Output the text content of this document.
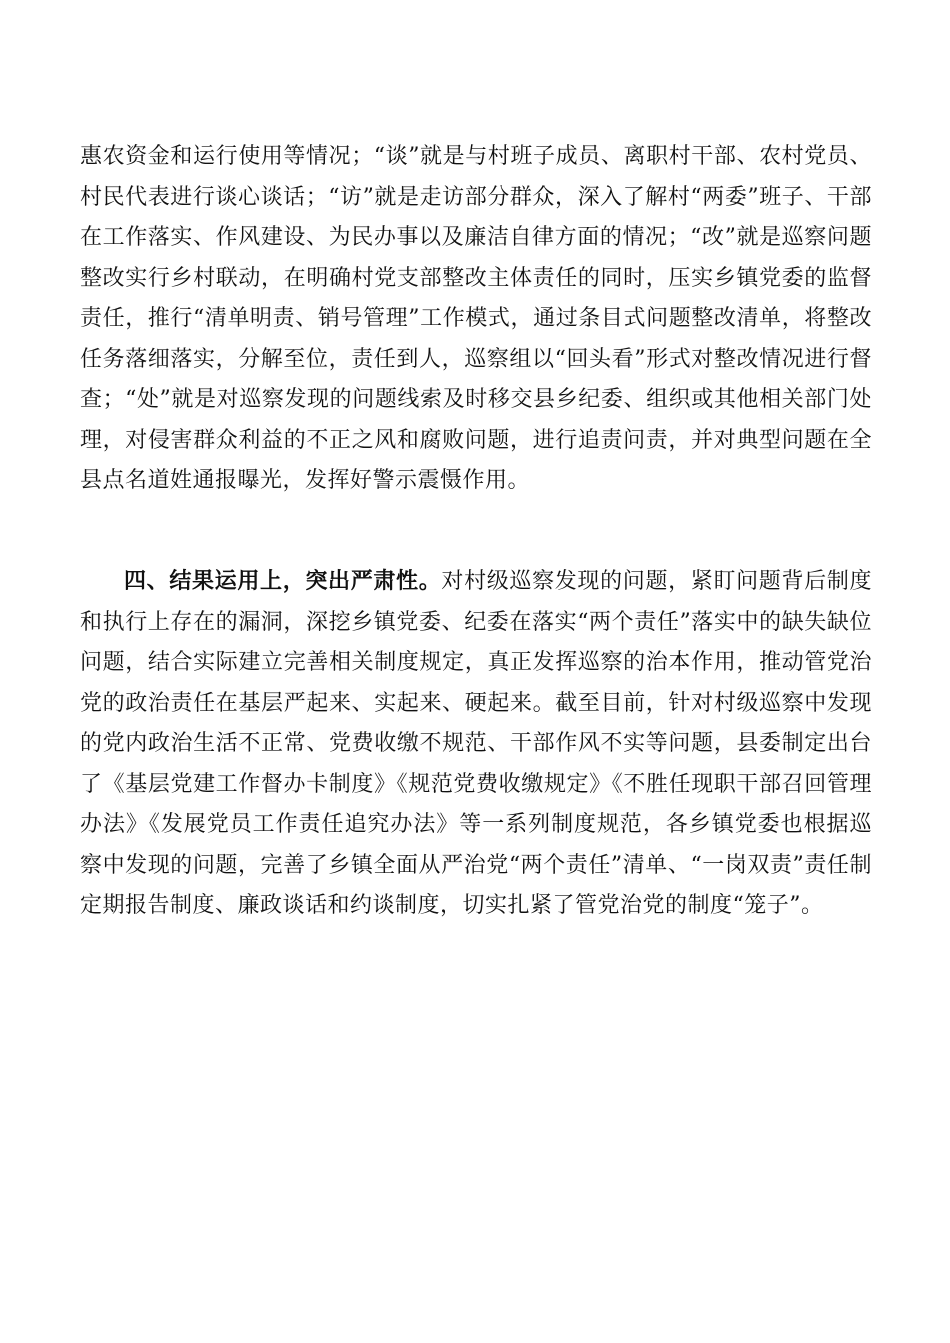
惠农资金和运行使用等情况；“谈”就是与村班子成员、离职村干部、农村党员、村民代表进行谈心谈话；“访”就是走访部分群众，深入了解村“两委”班子、干部在工作落实、作风建设、为民办事以及廉洁自律方面的情况；“改”就是巡察问题整改实行乡村联动，在明确村党支部整改主体责任的同时，压实乡镇党委的监督责任，推行“清单明责、销号管理”工作模式，通过条目式问题整改清单，将整改任务落细落实，分解至位，责任到人，巡察组以“回头看”形式对整改情况进行督查；“处”就是对巡察发现的问题线索及时移交县乡纪委、组织或其他相关部门处理，对侵害群众利益的不正之风和腐败问题，进行追责问责，并对典型问题在全县点名道姓通报曝光，发挥好警示震慑作用。

四、结果运用上，突出严肃性。对村级巡察发现的问题，紧盯问题背后制度和执行上存在的漏洞，深挖乡镇党委、纪委在落实“两个责任”落实中的缺失缺位问题，结合实际建立完善相关制度规定，真正发挥巡察的治本作用，推动管党治党的政治责任在基层严起来、实起来、硬起来。截至目前，针对村级巡察中发现的党内政治生活不正常、党费收缴不规范、干部作风不实等问题，县委制定出台了《基层党建工作督办卡制度》《规范党费收缴规定》《不胜任现职干部召回管理办法》《发展党员工作责任追究办法》等一系列制度规范，各乡镇党委也根据巡察中发现的问题，完善了乡镇全面从严治党“两个责任”清单、“一岗双责”责任制定期报告制度、廉政谈话和约谈制度，切实扎紧了管党治党的制度“笼子”。
